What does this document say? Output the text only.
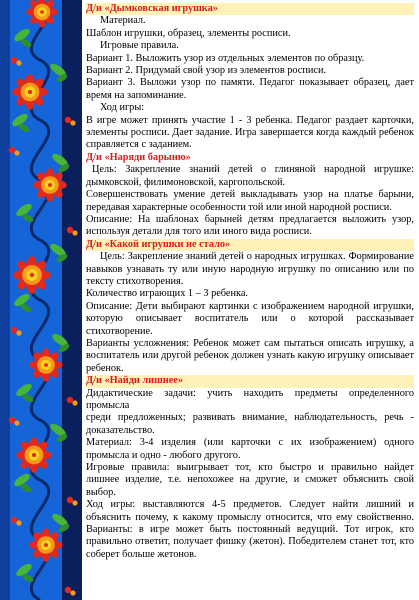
Д/и «Дымковская игрушка»

Материал.

Шаблон игрушки, образец, элементы росписи.

Игровые правила.

Вариант 1. Выложить узор из отдельных элементов по образцу.

Вариант 2. Придумай свой узор из элементов росписи.

Вариант 3. Выложи узор по памяти. Педагог показывает образец, дает время на запоминание.

Ход игры:

В игре может принять участие 1 - 3 ребенка. Педагог раздает карточки, элементы росписи. Дает задание. Игра завершается когда каждый ребенок справляется с заданием.

Д/и «Наряди барыню»

Цель: Закрепление знаний детей о глиняной народной игрушке: дымковской, филимоновской, каргопольской.

Совершенствовать умение детей выкладывать узор на платье барыни, передавая характерные особенности той или иной народной росписи.

Описание: На шаблонах барыней детям предлагается выложить узор, используя детали для того или иного вида росписи.

Д/и «Какой игрушки не стало»

Цель: Закрепление знаний детей о народных игрушках. Формирование навыков узнавать ту или иную народную игрушку по описанию или по тексту стихотворения.

Количество играющих 1 – 3 ребенка.

Описание: Дети выбирают картинки с изображением народной игрушки, которую описывает воспитатель или о которой рассказывает стихотворение.

Варианты усложнения: Ребенок может сам пытаться описать игрушку, а воспитатель или другой ребенок должен узнать какую игрушку описывает ребенок.

Д/и «Найди лишнее»

Дидактические задачи: учить находить предметы определенного промысла

среди предложенных; развивать внимание, наблюдательность, речь - доказательство.

Материал: 3-4 изделия (или карточки с их изображением) одного промысла и одно - любого другого.

Игровые правила: выигрывает тот, кто быстро и правильно найдет лишнее изделие, т.е. непохожее на другие, и сможет объяснить свой выбор.

Ход игры: выставляются 4-5 предметов. Следует найти лишний и объяснить почему, к какому промыслу относится, что ему свойственно. Варианты: в игре может быть постоянный ведущий. Тот игрок, кто правильно ответит, получает фишку (жетон). Победителем станет тот, кто соберет больше жетонов.
